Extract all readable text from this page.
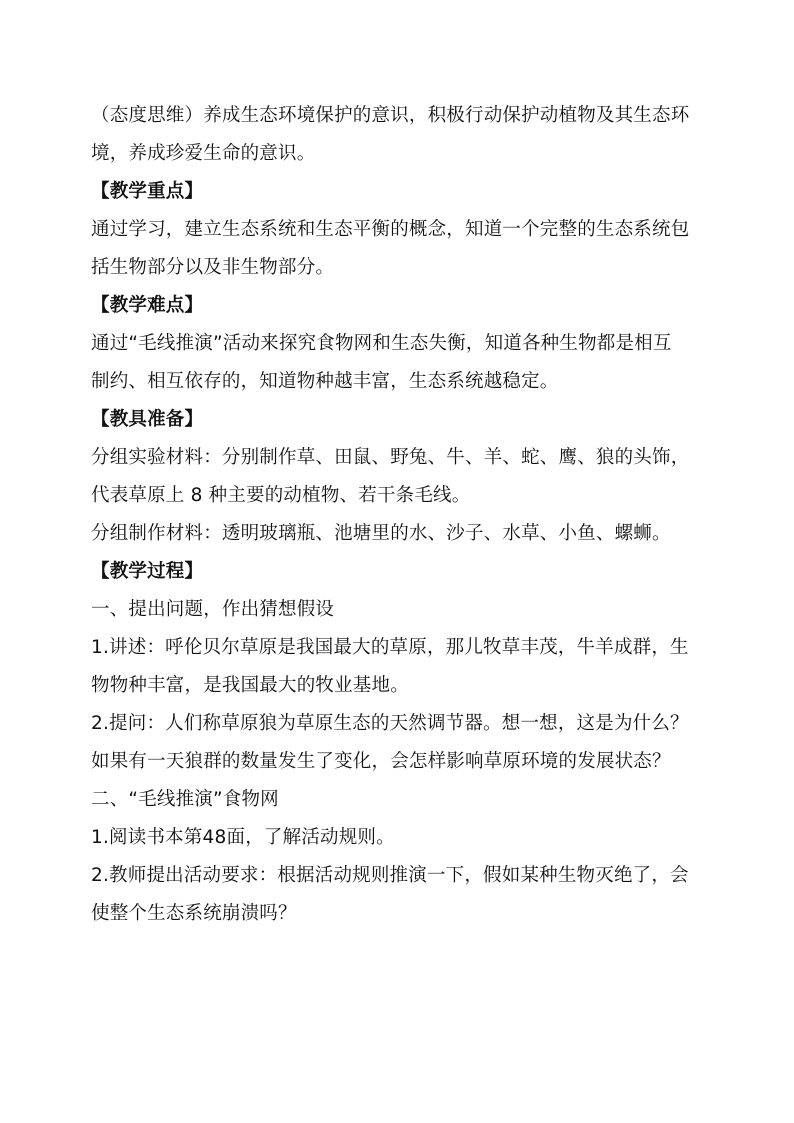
（态度思维）养成生态环境保护的意识，积极行动保护动植物及其生态环
境，养成珍爱生命的意识。
【教学重点】
通过学习，建立生态系统和生态平衡的概念，知道一个完整的生态系统包
括生物部分以及非生物部分。
【教学难点】
通过“毛线推演”活动来探究食物网和生态失衡，知道各种生物都是相互
制约、相互依存的，知道物种越丰富，生态系统越稳定。
【教具准备】
分组实验材料：分别制作草、田鼠、野兔、牛、羊、蛇、鹰、狼的头饰，
代表草原上 8 种主要的动植物、若干条毛线。
分组制作材料：透明玻璃瓶、池塘里的水、沙子、水草、小鱼、螺蛳。
【教学过程】
一、提出问题，作出猜想假设
1.讲述：呼伦贝尔草原是我国最大的草原，那儿牧草丰茂，牛羊成群，生
物物种丰富，是我国最大的牧业基地。
2.提问：人们称草原狼为草原生态的天然调节器。想一想，这是为什么？
如果有一天狼群的数量发生了变化，会怎样影响草原环境的发展状态？
二、“毛线推演”食物网
1.阅读书本第48面，了解活动规则。
2.教师提出活动要求：根据活动规则推演一下，假如某种生物灭绝了，会
使整个生态系统崩溃吗？
